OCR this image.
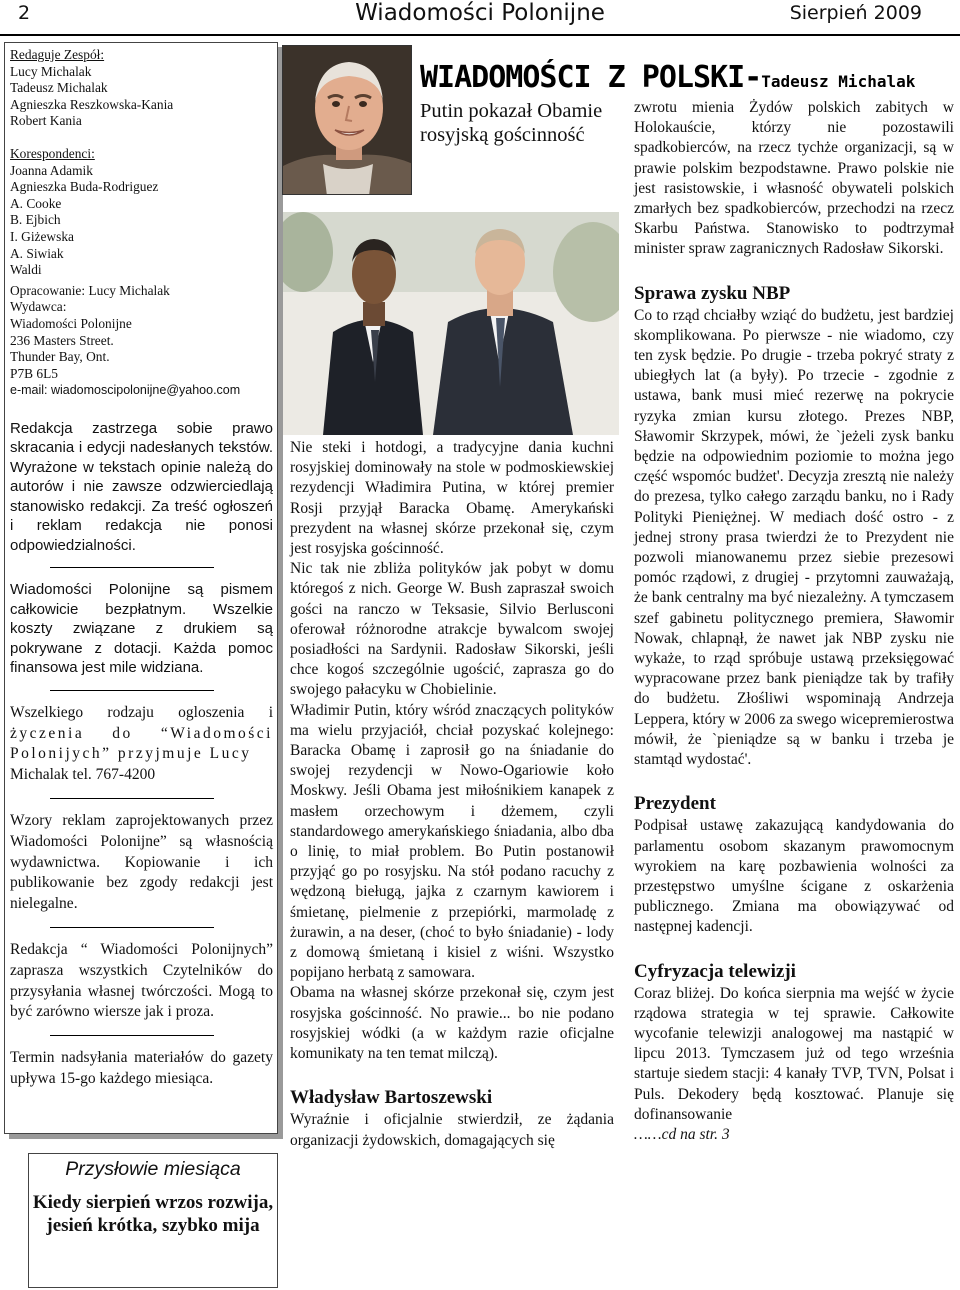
2	Wiadomości Polonijne	Sierpień 2009
Redaguje Zespół:
Lucy Michalak
Tadeusz Michalak
Agnieszka Reszkowska-Kania
Robert Kania
Korespondenci:
Joanna Adamik
Agnieszka Buda-Rodriguez
A. Cooke
B. Ejbich
I. Giżewska
A. Siwiak
Waldi
Opracowanie: Lucy Michalak
Wydawca:
Wiadomości Polonijne
236 Masters Street.
Thunder Bay, Ont.
P7B 6L5
e-mail: wiadomoscipolonijne@yahoo.com
Redakcja zastrzega sobie prawo skracania i edycji nadesłanych tekstów. Wyrażone w tekstach opinie należą do autorów i nie zawsze odzwierciedlają stanowisko redakcji. Za treść ogłoszeń i reklam redakcja nie ponosi odpowiedzialności.
Wiadomości Polonijne są pismem całkowicie bezpłatnym. Wszelkie koszty związane z drukiem są pokrywane z dotacji. Każda pomoc finansowa jest mile widziana.
Wszelkiego rodzaju ogloszenia i
życzenia do “Wiadomości Polonijych” przyjmuje Lucy
Michalak tel. 767-4200
Wzory reklam zaprojektowanych przez Wiadomości Polonijne” są własnością wydawnictwa. Kopiowanie i ich publikowanie bez zgody redakcji jest nielegalne.
Redakcja “ Wiadomości Polonijnych” zaprasza wszystkich Czytelników do przysyłania własnej twórczości. Mogą to być zarówno wiersze jak i proza.
Termin nadsyłania materiałów do gazety upływa 15-go każdego miesiąca.
Przysłowie miesiąca
Kiedy sierpień wrzos rozwija, jesień krótka, szybko mija
WIADOMOŚCI Z POLSKI-Tadeusz Michalak
Putin pokazał Obamie rosyjską gościnność

Nie steki i hotdogi, a tradycyjne dania kuchni rosyjskiej dominowały na stole w podmoskiewskiej rezydencji Władimira Putina, w której premier Rosji przyjął Baracka Obamę. Amerykański prezydent na własnej skórze przekonał się, czym jest rosyjska gościnność.

Nic tak nie zbliża polityków jak pobyt w domu któregoś z nich. George W. Bush zapraszał swoich gości na ranczo w Teksasie, Silvio Berlusconi oferował różnorodne atrakcje bywalcom swojej posiadłości na Sardynii. Radosław Sikorski, jeśli chce kogoś szczególnie ugościć, zaprasza go do swojego pałacyku w Chobielinie.

Władimir Putin, który wśród znaczących polityków ma wielu przyjaciół, chciał pozyskać kolejnego: Baracka Obamę i zaprosił go na śniadanie do swojej rezydencji w Nowo-Ogariowie koło Moskwy. Jeśli Obama jest miłośnikiem kanapek z masłem orzechowym i dżemem, czyli standardowego amerykańskiego śniadania, albo dba o linię, to miał problem. Bo Putin postanowił przyjąć go po rosyjsku. Na stół podano racuchy z wędzoną bieługą, jajka z czarnym kawiorem i śmietanę, pielmenie z przepiórki, marmoladę z żurawin, a na deser, (choć to było śniadanie) - lody z domową śmietaną i kisiel z wiśni. Wszystko popijano herbatą z samowara.

Obama na własnej skórze przekonał się, czym jest rosyjska gościnność. No prawie... bo nie podano rosyjskiej wódki (a w każdym razie oficjalne komunikaty na ten temat milczą).

Władysław Bartoszewski

Wyraźnie i oficjalnie stwierdził, ze żądania organizacji żydowskich, domagających się

zwrotu mienia Żydów polskich zabitych w Holokauście, którzy nie pozostawili spadkobierców, na rzecz tychże organizacji, są w prawie polskim bezpodstawne. Prawo polskie nie jest rasistowskie, i własność obywateli polskich zmarłych bez spadkobierców, przechodzi na rzecz Skarbu Państwa. Stanowisko to podtrzymał minister spraw zagranicznych Radosław Sikorski.

Sprawa zysku NBP

Co to rząd chciałby wziąć do budżetu, jest bardziej skomplikowana. Po pierwsze - nie wiadomo, czy ten zysk będzie. Po drugie - trzeba pokryć straty z ubiegłych lat (a były). Po trzecie - zgodnie z ustawa, bank musi mieć rezerwę na pokrycie ryzyka zmian kursu złotego. Prezes NBP, Sławomir Skrzypek, mówi, że `jeżeli zysk banku będzie na odpowiednim poziomie to można jego część wspomóc budżet'. Decyzja zresztą nie należy do prezesa, tylko całego zarządu banku, no i Rady Polityki Pieniężnej. W mediach dość ostro - z jednej strony prasa twierdzi że to Prezydent nie pozwoli mianowanemu przez siebie prezesowi pomóc rządowi, z drugiej - przytomni zauważają, że bank centralny ma być niezależny. A tymczasem szef gabinetu politycznego premiera, Sławomir Nowak, chlapnął, że nawet jak NBP zysku nie wykaże, to rząd spróbuje ustawą przeksięgować wypracowane przez bank pieniądze tak by trafiły do budżetu. Złośliwi wspominają Andrzeja Leppera, który w 2006 za swego wicepremierostwa mówił, że `pieniądze są w banku i trzeba je stamtąd wydostać'.

Prezydent

Podpisał ustawę zakazującą kandydowania do parlamentu osobom skazanym prawomocnym wyrokiem na karę pozbawienia wolności za przestępstwo umyślne ścigane z oskarżenia publicznego. Zmiana ma obowiązywać od następnej kadencji.

Cyfryzacja telewizji

Coraz bliżej. Do końca sierpnia ma wejść w życie rządowa strategia w tej sprawie. Całkowite wycofanie telewizji analogowej ma nastąpić w lipcu 2013. Tymczasem już od tego września startuje siedem stacji: 4 kanały TVP, TVN, Polsat i Puls. Dekodery będą kosztować. Planuje się dofinansowanie

……cd na str. 3
